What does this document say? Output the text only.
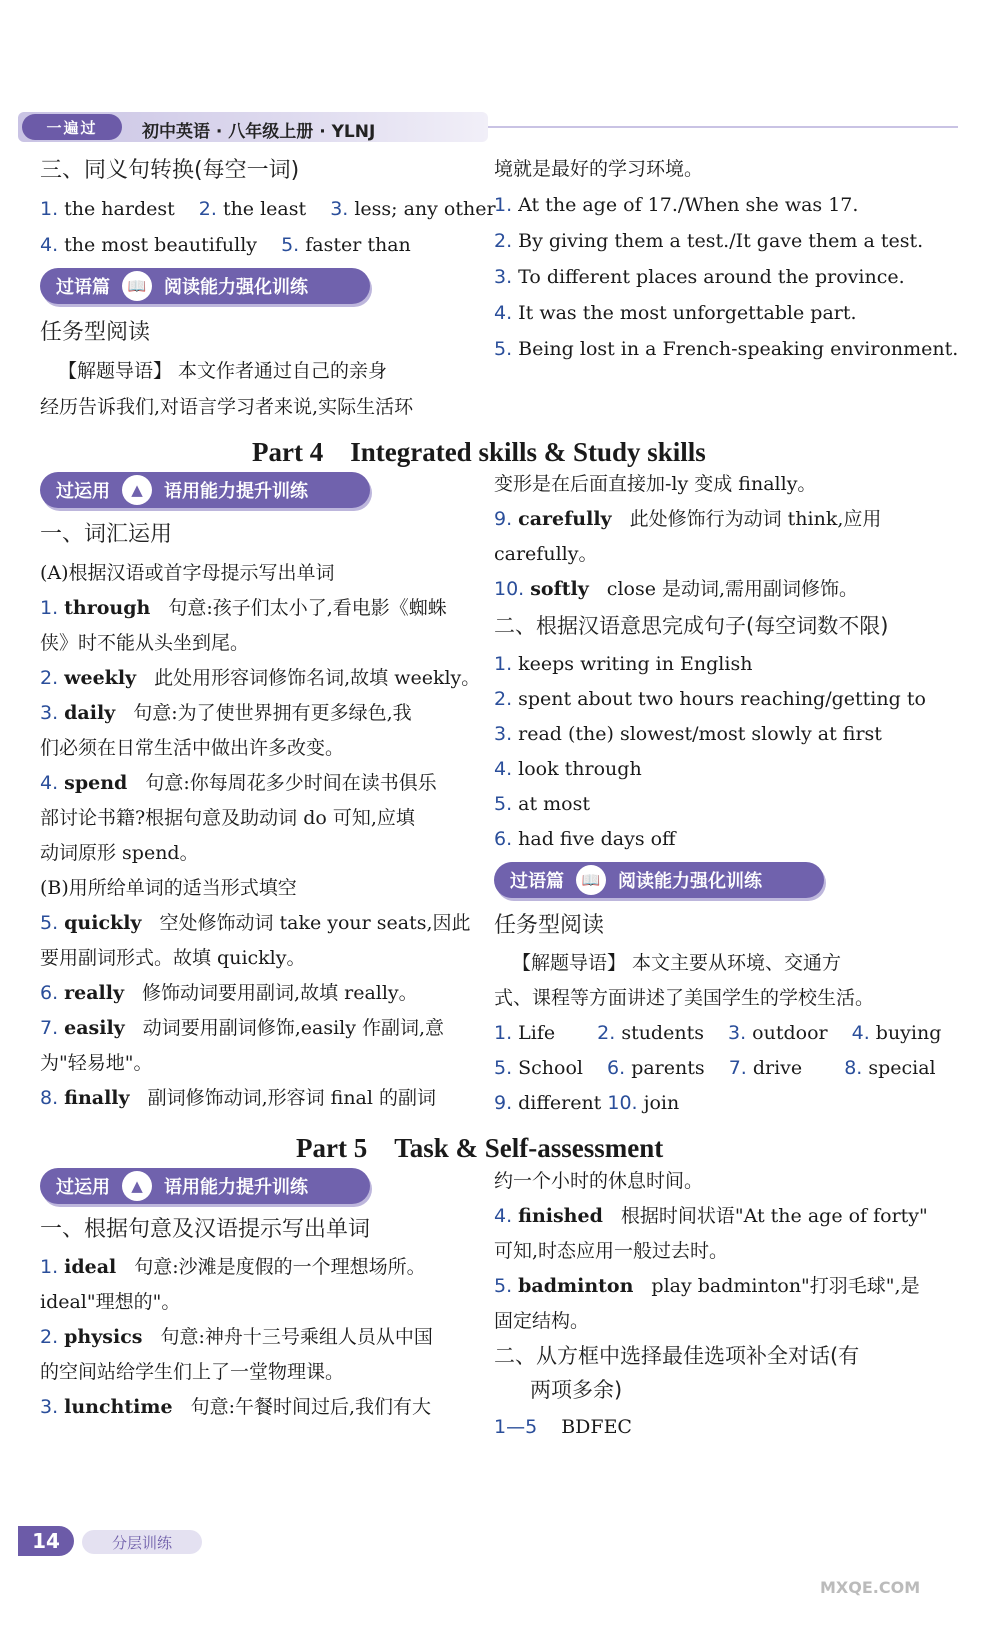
一遍过	初中英语 · 八年级上册 · YLNJ
三、同义句转换(每空一词)
1. the hardest 2. the least 3. less; any other
4. the most beautifully 5. faster than
过语篇	📖 阅读能力强化训练
任务型阅读
【解题导语】 本文作者通过自己的亲身
经历告诉我们,对语言学习者来说,实际生活环
境就是最好的学习环境。
1. At the age of 17./When she was 17.
2. By giving them a test./It gave them a test.
3. To different places around the province.
4. It was the most unforgettable part.
5. Being lost in a French-speaking environment.
Part 4　Integrated skills & Study skills
过运用	▲	语用能力提升训练
一、词汇运用
(A)根据汉语或首字母提示写出单词
1. through 句意:孩子们太小了,看电影《蜘蛛
侠》时不能从头坐到尾。
2. weekly 此处用形容词修饰名词,故填 weekly。
3. daily 句意:为了使世界拥有更多绿色,我
们必须在日常生活中做出许多改变。
4. spend 句意:你每周花多少时间在读书俱乐
部讨论书籍?根据句意及助动词 do 可知,应填
动词原形 spend。
(B)用所给单词的适当形式填空
5. quickly 空处修饰动词 take your seats,因此
要用副词形式。故填 quickly。
6. really 修饰动词要用副词,故填 really。
7. easily 动词要用副词修饰,easily 作副词,意
为"轻易地"。
8. finally 副词修饰动词,形容词 final 的副词
变形是在后面直接加-ly 变成 finally。
9. carefully 此处修饰行为动词 think,应用
carefully。
10. softly close 是动词,需用副词修饰。
二、根据汉语意思完成句子(每空词数不限)
1. keeps writing in English
2. spent about two hours reaching/getting to
3. read (the) slowest/most slowly at first
4. look through
5. at most
6. had five days off
过语篇	📖 阅读能力强化训练
任务型阅读
【解题导语】 本文主要从环境、交通方
式、课程等方面讲述了美国学生的学校生活。
1. Life 2. students 3. outdoor 4. buying
5. School 6. parents 7. drive 8. special
9. different 10. join
Part 5　Task & Self-assessment
过运用	▲	语用能力提升训练
一、根据句意及汉语提示写出单词
1. ideal 句意:沙滩是度假的一个理想场所。
ideal"理想的"。
2. physics 句意:神舟十三号乘组人员从中国
的空间站给学生们上了一堂物理课。
3. lunchtime 句意:午餐时间过后,我们有大
约一个小时的休息时间。
4. finished 根据时间状语"At the age of forty"
可知,时态应用一般过去时。
5. badminton play badminton"打羽毛球",是
固定结构。
二、从方框中选择最佳选项补全对话(有
两项多余)
1—5 BDFEC
14	分层训练
MXQE.COM
